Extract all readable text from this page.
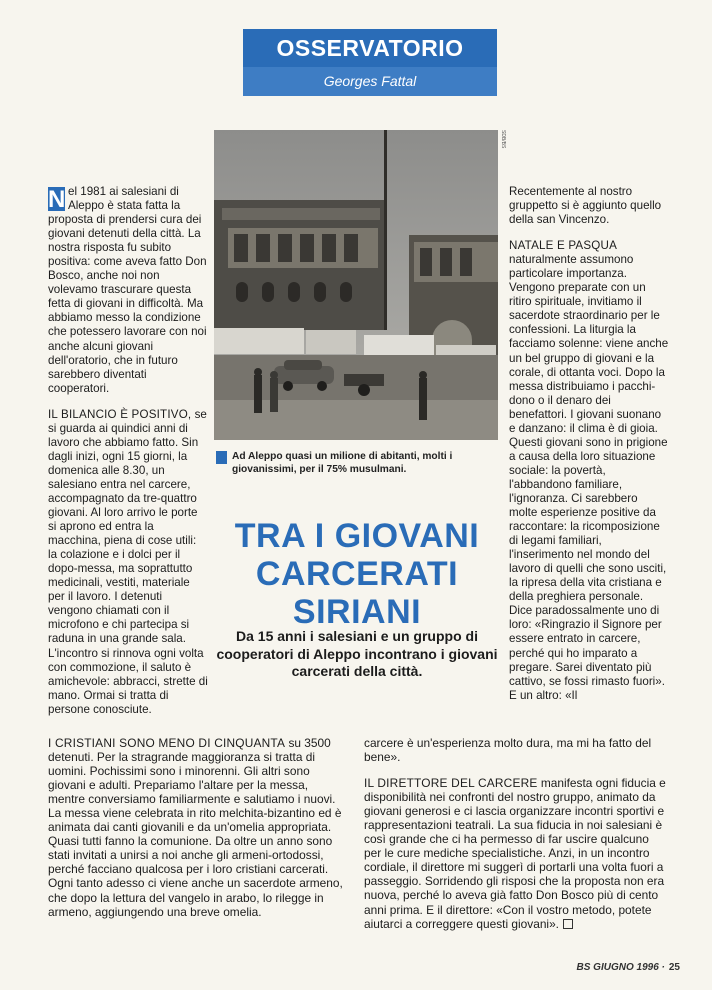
OSSERVATORIO
Georges Fattal

N el 1981 ai salesiani di Aleppo è stata fatta la proposta di prendersi cura dei giovani detenuti della città. La nostra risposta fu subito positiva: come aveva fatto Don Bosco, anche noi non volevamo trascurare questa fetta di giovani in difficoltà. Ma abbiamo messo la condizione che potessero lavorare con noi anche alcuni giovani dell'oratorio, che in futuro sarebbero diventati cooperatori.

IL BILANCIO È POSITIVO, se si guarda ai quindici anni di lavoro che abbiamo fatto. Sin dagli inizi, ogni 15 giorni, la domenica alle 8.30, un salesiano entra nel carcere, accompagnato da tre-quattro giovani. Al loro arrivo le porte si aprono ed entra la macchina, piena di cose utili: la colazione e i dolci per il dopo-messa, ma soprattutto medicinali, vestiti, materiale per il lavoro. I detenuti vengono chiamati con il microfono e chi partecipa si raduna in una grande sala. L'incontro si rinnova ogni volta con commozione, il saluto è amichevole: abbracci, strette di mano. Ormai si tratta di persone conosciute.

SDB/BS
Ad Aleppo quasi un milione di abitanti, molti i giovanissimi, per il 75% musulmani.
TRA I GIOVANI
CARCERATI
SIRIANI
Da 15 anni i salesiani e un gruppo di cooperatori di Aleppo incontrano i giovani carcerati della città.

Recentemente al nostro gruppetto si è aggiunto quello della san Vincenzo.

NATALE E PASQUA naturalmente assumono particolare importanza. Vengono preparate con un ritiro spirituale, invitiamo il sacerdote straordinario per le confessioni. La liturgia la facciamo solenne: viene anche un bel gruppo di giovani e la corale, di ottanta voci. Dopo la messa distribuiamo i pacchi-dono o il denaro dei benefattori. I giovani suonano e danzano: il clima è di gioia.

Questi giovani sono in prigione a causa della loro situazione sociale: la povertà, l'abbandono familiare, l'ignoranza. Ci sarebbero molte esperienze positive da raccontare: la ricomposizione di legami familiari, l'inserimento nel mondo del lavoro di quelli che sono usciti, la ripresa della vita cristiana e della preghiera personale. Dice paradossalmente uno di loro: «Ringrazio il Signore per essere entrato in carcere, perché qui ho imparato a pregare. Sarei diventato più cattivo, se fossi rimasto fuori». E un altro: «Il

I CRISTIANI SONO MENO DI CINQUANTA su 3500 detenuti. Per la stragrande maggioranza si tratta di uomini. Pochissimi sono i minorenni. Gli altri sono giovani e adulti. Prepariamo l'altare per la messa, mentre conversiamo familiarmente e salutiamo i nuovi. La messa viene celebrata in rito melchita-bizantino ed è animata dai canti giovanili e da un'omelia appropriata. Quasi tutti fanno la comunione. Da oltre un anno sono stati invitati a unirsi a noi anche gli armeni-ortodossi, perché facciano qualcosa per i loro cristiani carcerati. Ogni tanto adesso ci viene anche un sacerdote armeno, che dopo la lettura del vangelo in arabo, lo rilegge in armeno, aggiungendo una breve omelia.

carcere è un'esperienza molto dura, ma mi ha fatto del bene».

IL DIRETTORE DEL CARCERE manifesta ogni fiducia e disponibilità nei confronti del nostro gruppo, animato da giovani generosi e ci lascia organizzare incontri sportivi e rappresentazioni teatrali. La sua fiducia in noi salesiani è così grande che ci ha permesso di far uscire qualcuno per le cure mediche specialistiche. Anzi, in un incontro cordiale, il direttore mi suggerì di portarli una volta fuori a passeggio. Sorridendo gli risposi che la proposta non era nuova, perché lo aveva già fatto Don Bosco più di cento anni prima. E il direttore: «Con il vostro metodo, potete aiutarci a correggere questi giovani».

BS GIUGNO 1996 · 25
